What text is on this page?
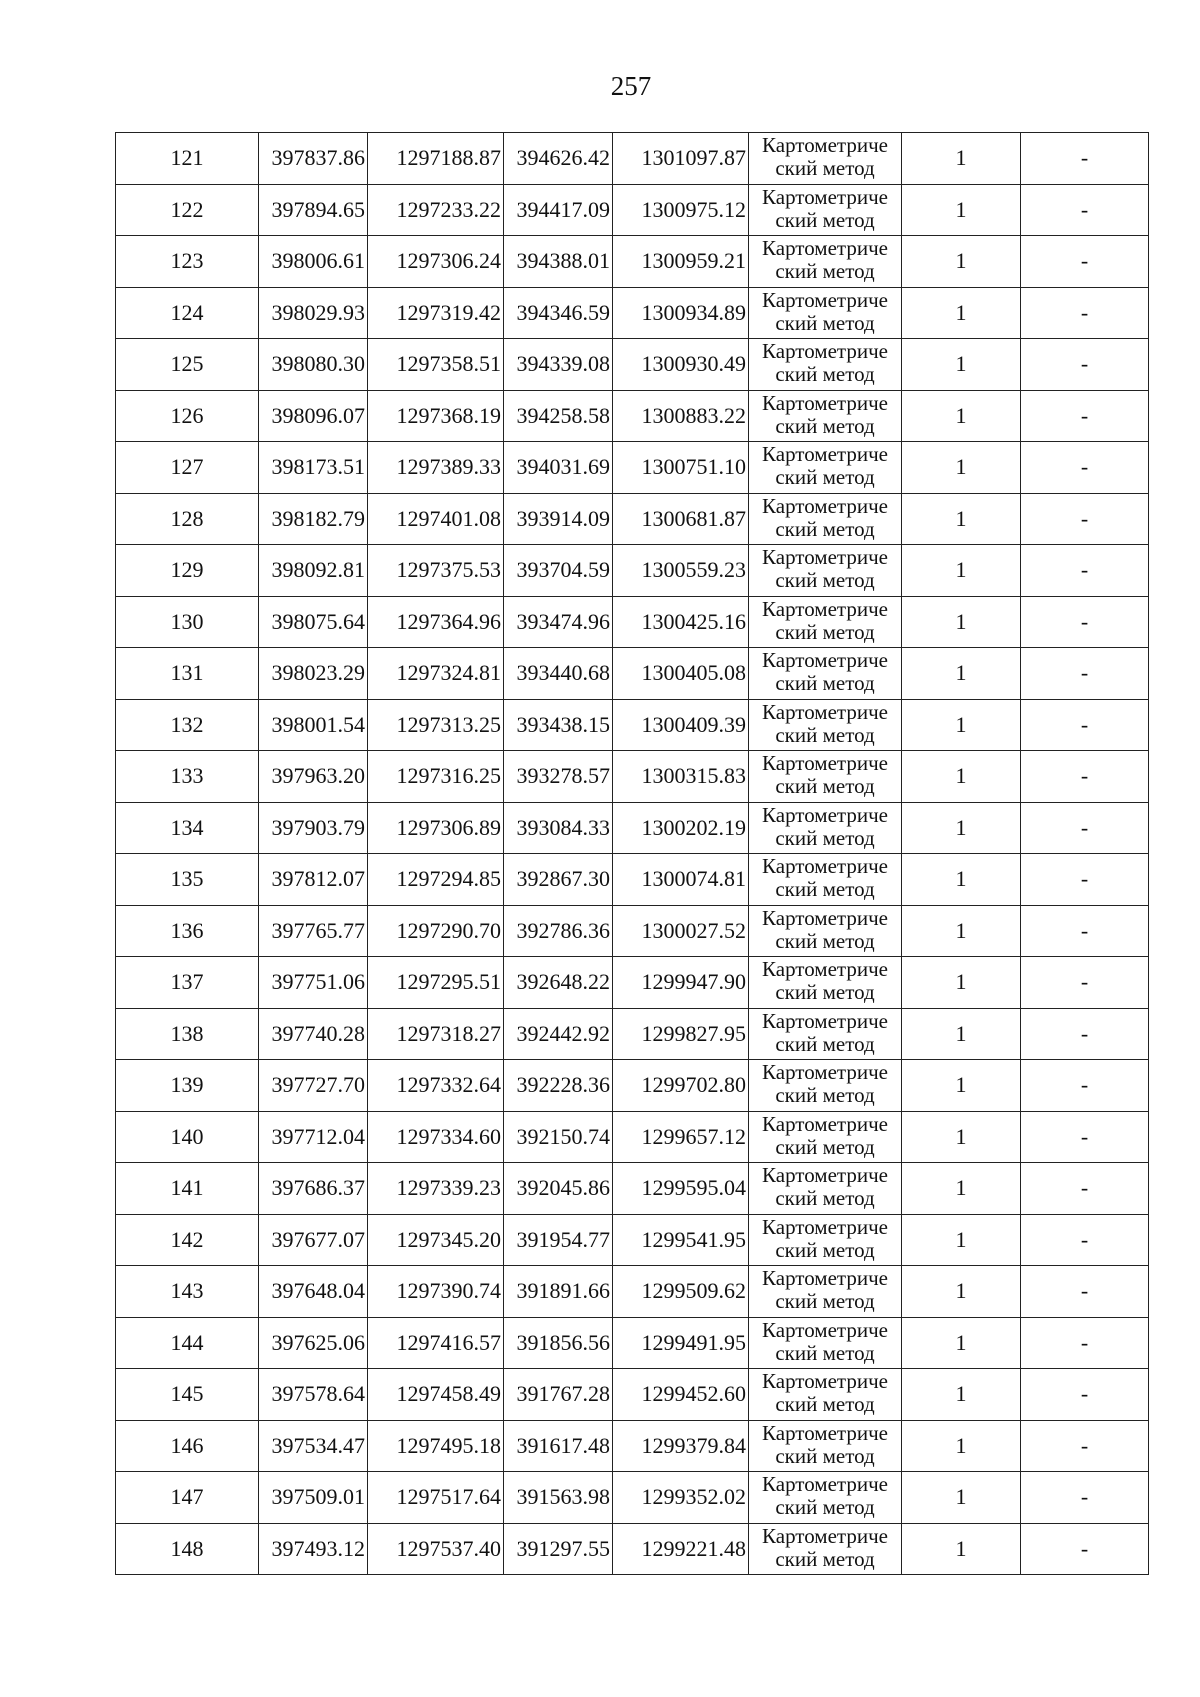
257
121	397837.86	1297188.87	394626.42	1301097.87	Картометриче
ский метод	1	-
122	397894.65	1297233.22	394417.09	1300975.12	Картометриче
ский метод	1	-
123	398006.61	1297306.24	394388.01	1300959.21	Картометриче
ский метод	1	-
124	398029.93	1297319.42	394346.59	1300934.89	Картометриче
ский метод	1	-
125	398080.30	1297358.51	394339.08	1300930.49	Картометриче
ский метод	1	-
126	398096.07	1297368.19	394258.58	1300883.22	Картометриче
ский метод	1	-
127	398173.51	1297389.33	394031.69	1300751.10	Картометриче
ский метод	1	-
128	398182.79	1297401.08	393914.09	1300681.87	Картометриче
ский метод	1	-
129	398092.81	1297375.53	393704.59	1300559.23	Картометриче
ский метод	1	-
130	398075.64	1297364.96	393474.96	1300425.16	Картометриче
ский метод	1	-
131	398023.29	1297324.81	393440.68	1300405.08	Картометриче
ский метод	1	-
132	398001.54	1297313.25	393438.15	1300409.39	Картометриче
ский метод	1	-
133	397963.20	1297316.25	393278.57	1300315.83	Картометриче
ский метод	1	-
134	397903.79	1297306.89	393084.33	1300202.19	Картометриче
ский метод	1	-
135	397812.07	1297294.85	392867.30	1300074.81	Картометриче
ский метод	1	-
136	397765.77	1297290.70	392786.36	1300027.52	Картометриче
ский метод	1	-
137	397751.06	1297295.51	392648.22	1299947.90	Картометриче
ский метод	1	-
138	397740.28	1297318.27	392442.92	1299827.95	Картометриче
ский метод	1	-
139	397727.70	1297332.64	392228.36	1299702.80	Картометриче
ский метод	1	-
140	397712.04	1297334.60	392150.74	1299657.12	Картометриче
ский метод	1	-
141	397686.37	1297339.23	392045.86	1299595.04	Картометриче
ский метод	1	-
142	397677.07	1297345.20	391954.77	1299541.95	Картометриче
ский метод	1	-
143	397648.04	1297390.74	391891.66	1299509.62	Картометриче
ский метод	1	-
144	397625.06	1297416.57	391856.56	1299491.95	Картометриче
ский метод	1	-
145	397578.64	1297458.49	391767.28	1299452.60	Картометриче
ский метод	1	-
146	397534.47	1297495.18	391617.48	1299379.84	Картометриче
ский метод	1	-
147	397509.01	1297517.64	391563.98	1299352.02	Картометриче
ский метод	1	-
148	397493.12	1297537.40	391297.55	1299221.48	Картометриче
ский метод	1	-
